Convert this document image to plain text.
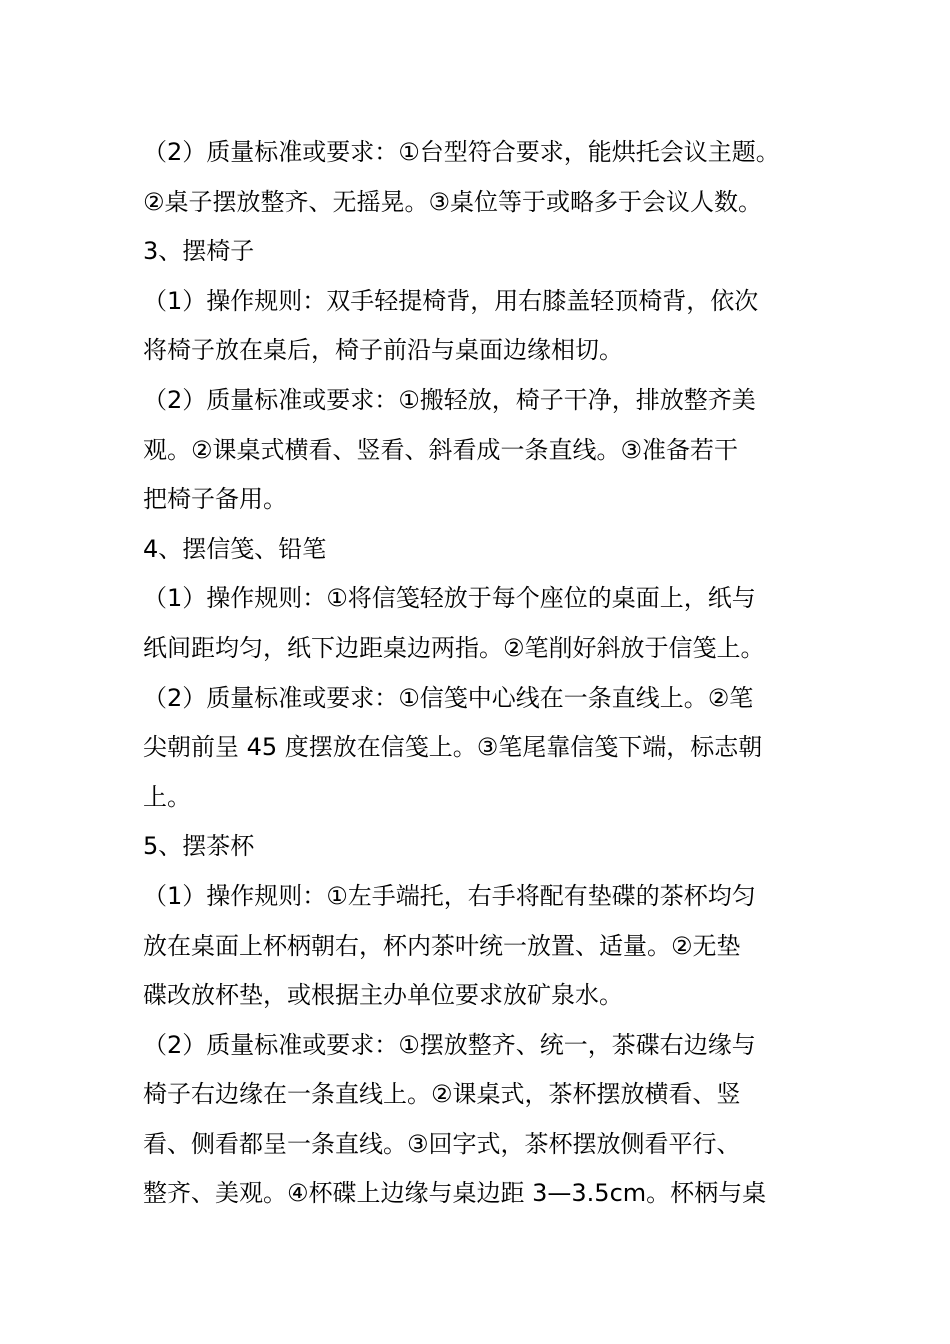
（2）质量标准或要求：①台型符合要求，能烘托会议主题。
②桌子摆放整齐、无摇晃。③桌位等于或略多于会议人数。
3、摆椅子
（1）操作规则：双手轻提椅背，用右膝盖轻顶椅背，依次
将椅子放在桌后，椅子前沿与桌面边缘相切。
（2）质量标准或要求：①搬轻放，椅子干净，排放整齐美
观。②课桌式横看、竖看、斜看成一条直线。③准备若干
把椅子备用。
4、摆信笺、铅笔
（1）操作规则：①将信笺轻放于每个座位的桌面上，纸与
纸间距均匀，纸下边距桌边两指。②笔削好斜放于信笺上。
（2）质量标准或要求：①信笺中心线在一条直线上。②笔
尖朝前呈 45 度摆放在信笺上。③笔尾靠信笺下端，标志朝
上。
5、摆茶杯
（1）操作规则：①左手端托，右手将配有垫碟的茶杯均匀
放在桌面上杯柄朝右，杯内茶叶统一放置、适量。②无垫
碟改放杯垫，或根据主办单位要求放矿泉水。
（2）质量标准或要求：①摆放整齐、统一，茶碟右边缘与
椅子右边缘在一条直线上。②课桌式，茶杯摆放横看、竖
看、侧看都呈一条直线。③回字式，茶杯摆放侧看平行、
整齐、美观。④杯碟上边缘与桌边距 3—3.5cm。杯柄与桌
